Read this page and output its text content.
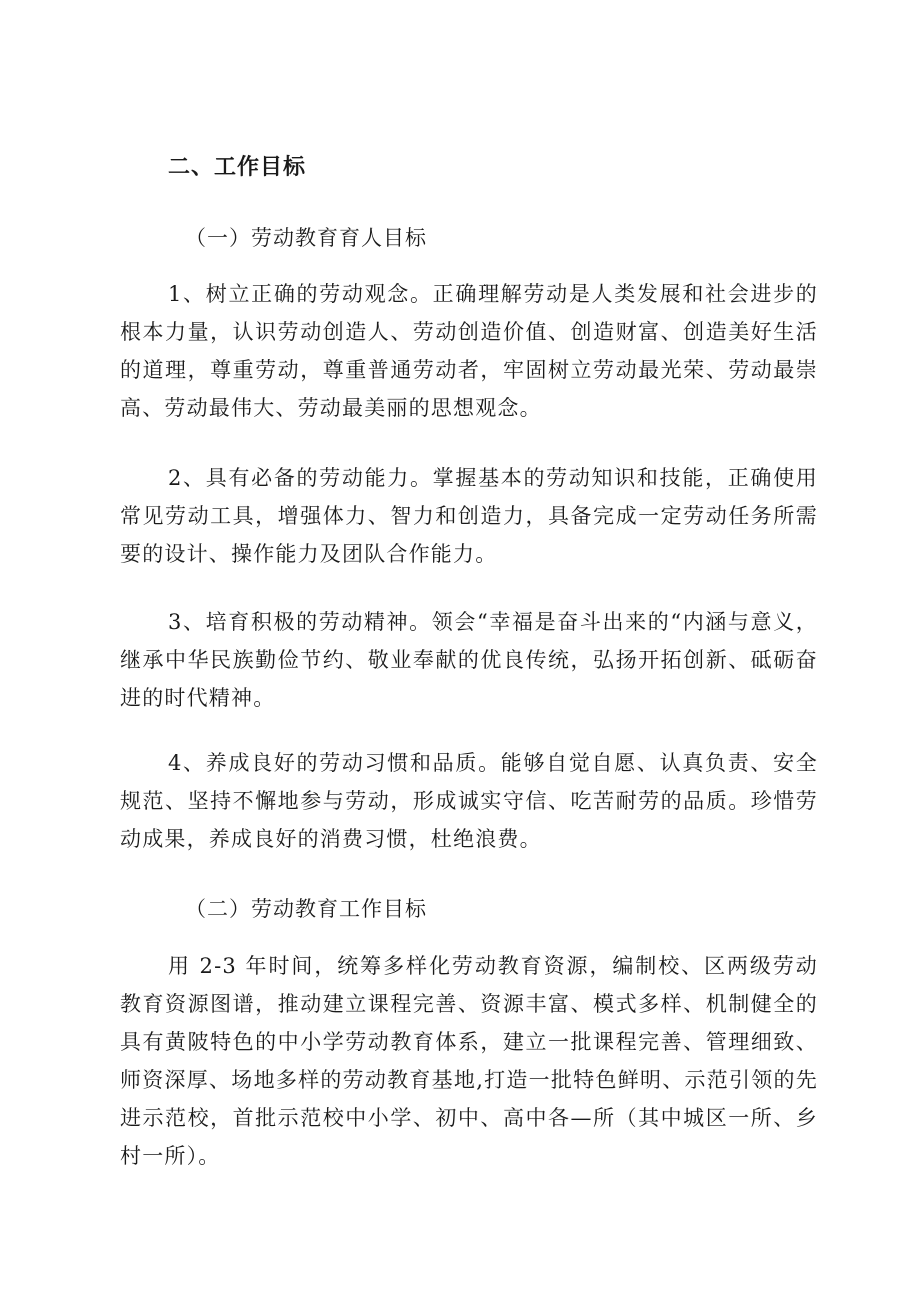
二、工作目标
（一）劳动教育育人目标

1、树立正确的劳动观念。正确理解劳动是人类发展和社会进步的根本力量，认识劳动创造人、劳动创造价值、创造财富、创造美好生活的道理，尊重劳动，尊重普通劳动者，牢固树立劳动最光荣、劳动最崇高、劳动最伟大、劳动最美丽的思想观念。

2、具有必备的劳动能力。掌握基本的劳动知识和技能，正确使用常见劳动工具，增强体力、智力和创造力，具备完成一定劳动任务所需要的设计、操作能力及团队合作能力。

3、培育积极的劳动精神。领会“幸福是奋斗出来的“内涵与意义，继承中华民族勤俭节约、敬业奉献的优良传统，弘扬开拓创新、砥砺奋进的时代精神。

4、养成良好的劳动习惯和品质。能够自觉自愿、认真负责、安全规范、坚持不懈地参与劳动，形成诚实守信、吃苦耐劳的品质。珍惜劳动成果，养成良好的消费习惯，杜绝浪费。

（二）劳动教育工作目标

用 2-3 年时间，统筹多样化劳动教育资源，编制校、区两级劳动教育资源图谱，推动建立课程完善、资源丰富、模式多样、机制健全的具有黄陂特色的中小学劳动教育体系，建立一批课程完善、管理细致、师资深厚、场地多样的劳动教育基地,打造一批特色鲜明、示范引领的先进示范校，首批示范校中小学、初中、高中各—所（其中城区一所、乡村一所）。
